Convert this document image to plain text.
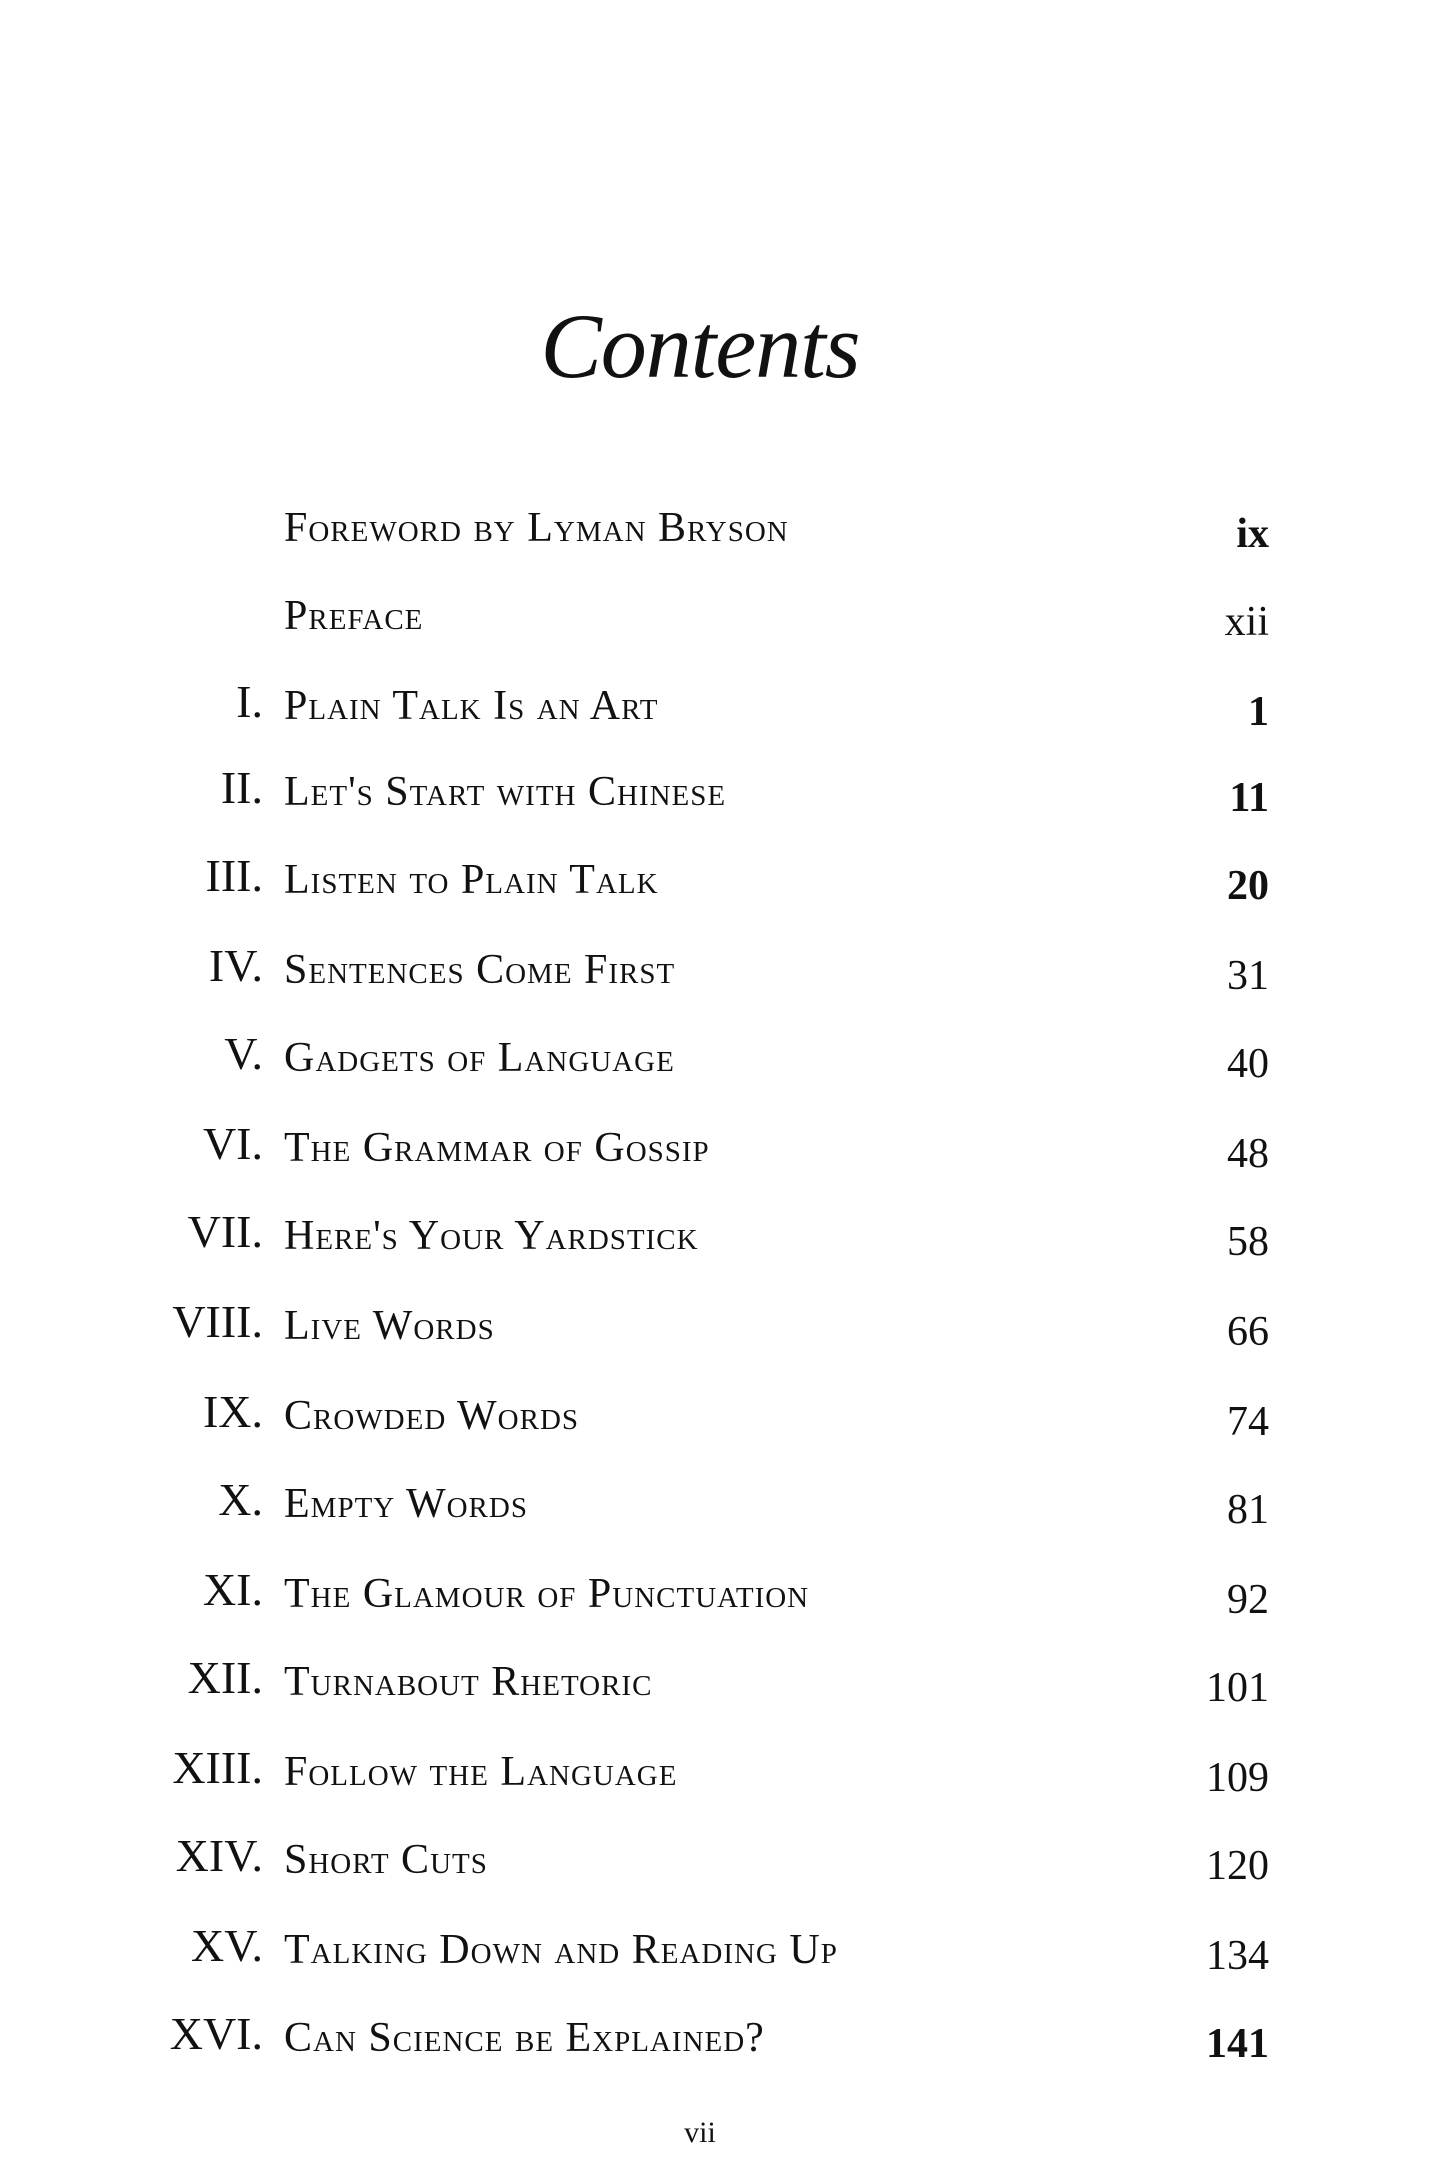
Contents
Foreword by Lyman Bryson	ix
Preface	xii
I. Plain Talk Is an Art	1
II. Let's Start with Chinese	11
III. Listen to Plain Talk	20
IV. Sentences Come First	31
V. Gadgets of Language	40
VI. The Grammar of Gossip	48
VII. Here's Your Yardstick	58
VIII. Live Words	66
IX. Crowded Words	74
X. Empty Words	81
XI. The Glamour of Punctuation	92
XII. Turnabout Rhetoric	101
XIII. Follow the Language	109
XIV. Short Cuts	120
XV. Talking Down and Reading Up	134
XVI. Can Science be Explained?	141
vii
